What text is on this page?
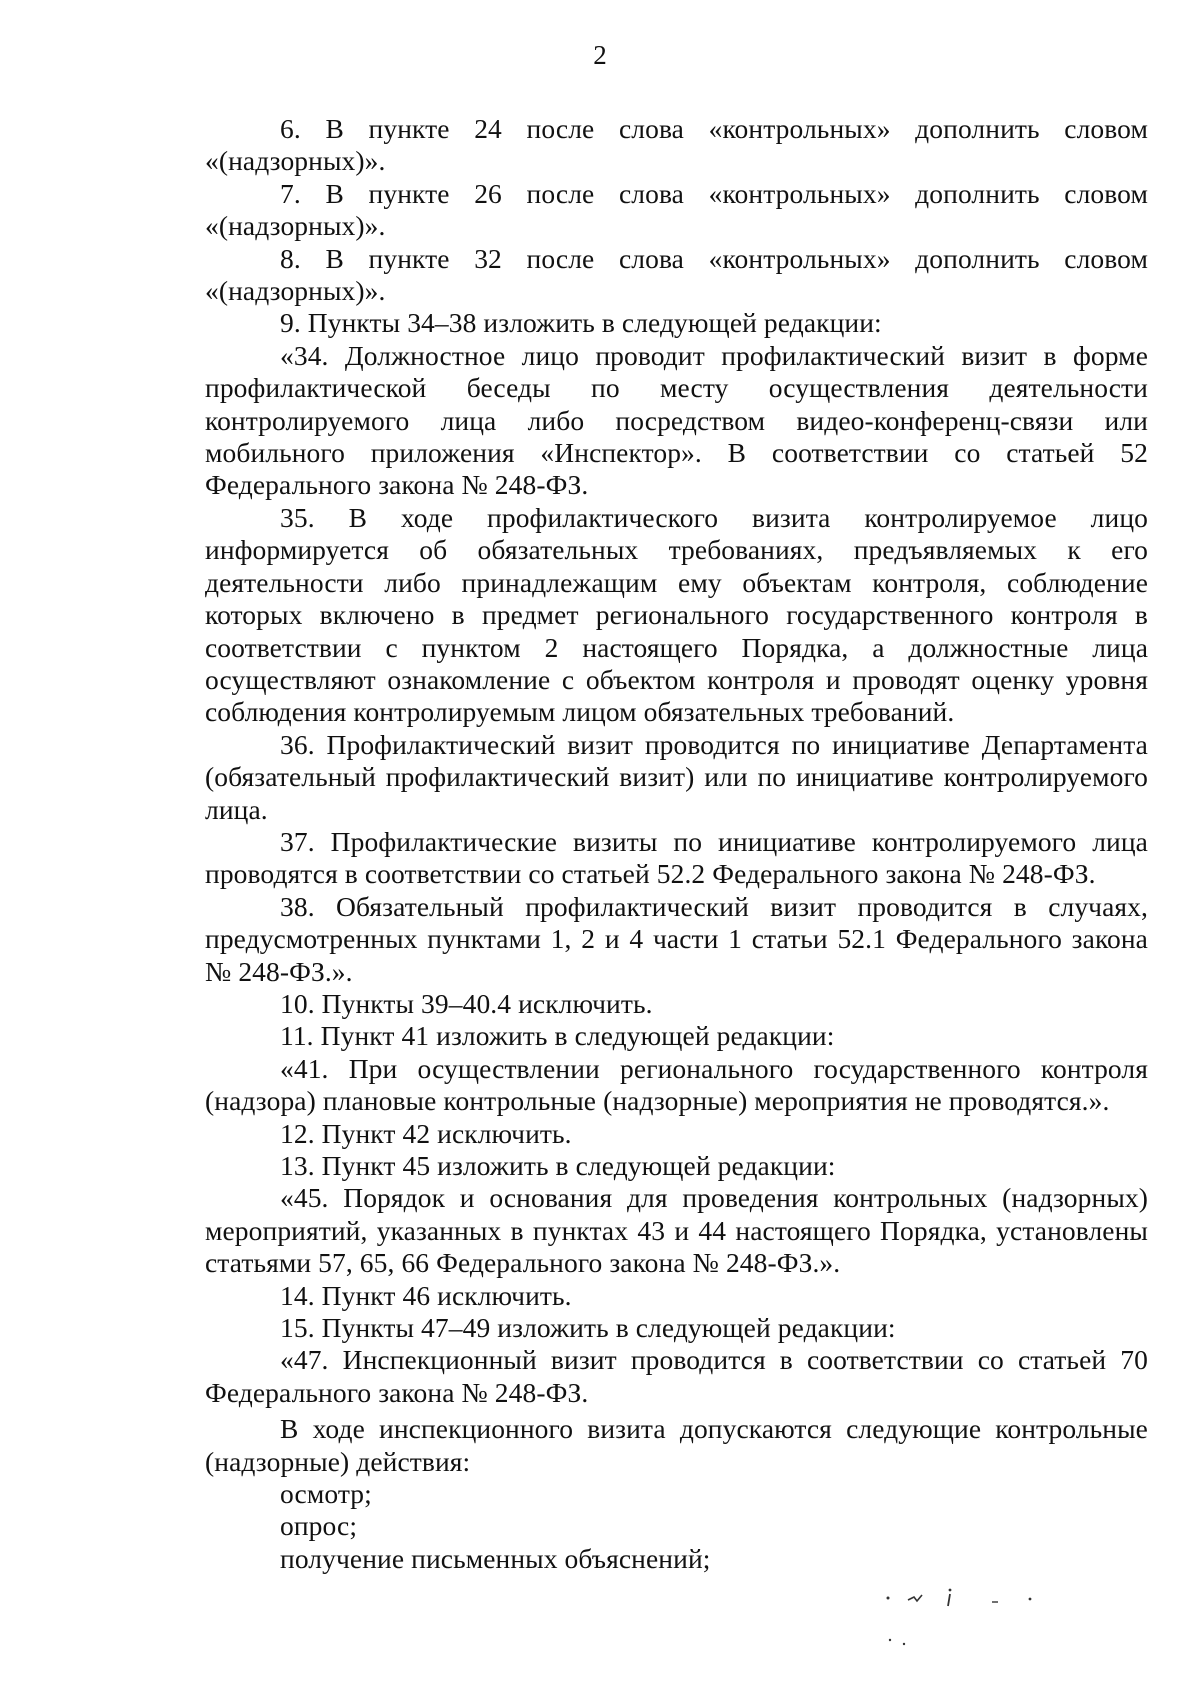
2

6. В пункте 24 после слова «контрольных» дополнить словом «(надзорных)».

7. В пункте 26 после слова «контрольных» дополнить словом «(надзорных)».

8. В пункте 32 после слова «контрольных» дополнить словом «(надзорных)».

9. Пункты 34–38 изложить в следующей редакции:

«34. Должностное лицо проводит профилактический визит в форме профилактической беседы по месту осуществления деятельности контролируемого лица либо посредством видео-конференц-связи или мобильного приложения «Инспектор». В соответствии со статьей 52 Федерального закона № 248-ФЗ.

35. В ходе профилактического визита контролируемое лицо информируется об обязательных требованиях, предъявляемых к его деятельности либо принадлежащим ему объектам контроля, соблюдение которых включено в предмет регионального государственного контроля в соответствии с пунктом 2 настоящего Порядка, а должностные лица осуществляют ознакомление с объектом контроля и проводят оценку уровня соблюдения контролируемым лицом обязательных требований.

36. Профилактический визит проводится по инициативе Департамента (обязательный профилактический визит) или по инициативе контролируемого лица.

37. Профилактические визиты по инициативе контролируемого лица проводятся в соответствии со статьей 52.2 Федерального закона № 248-ФЗ.

38. Обязательный профилактический визит проводится в случаях, предусмотренных пунктами 1, 2 и 4 части 1 статьи 52.1 Федерального закона № 248-ФЗ.».

10. Пункты 39–40.4 исключить.

11. Пункт 41 изложить в следующей редакции:

«41. При осуществлении регионального государственного контроля (надзора) плановые контрольные (надзорные) мероприятия не проводятся.».

12. Пункт 42 исключить.

13. Пункт 45 изложить в следующей редакции:

«45. Порядок и основания для проведения контрольных (надзорных) мероприятий, указанных в пунктах 43 и 44 настоящего Порядка, установлены статьями 57, 65, 66 Федерального закона № 248-ФЗ.».

14. Пункт 46 исключить.

15. Пункты 47–49 изложить в следующей редакции:

«47. Инспекционный визит проводится в соответствии со статьей 70 Федерального закона № 248-ФЗ.

В ходе инспекционного визита допускаются следующие контрольные (надзорные) действия:

осмотр;

опрос;

получение письменных объяснений;
